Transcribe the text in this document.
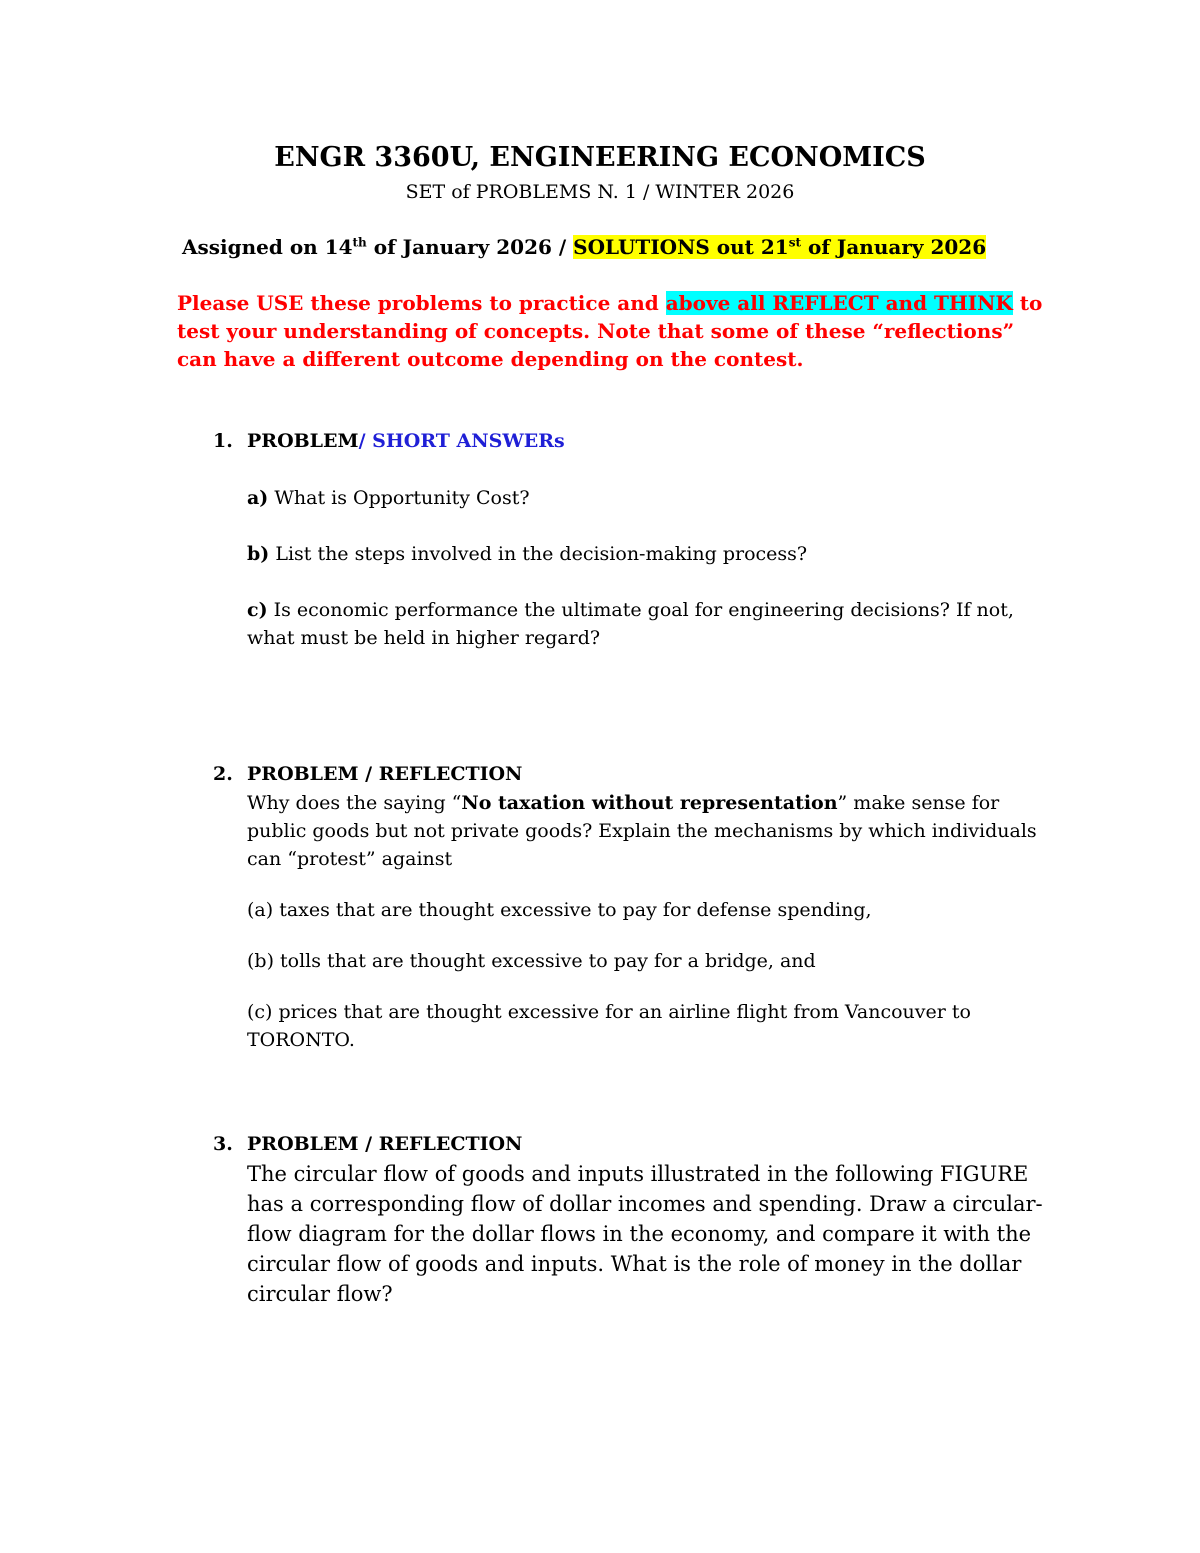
ENGR 3360U, ENGINEERING ECONOMICS

SET of PROBLEMS N. 1 / WINTER 2026

Assigned on 14th of January 2026 / SOLUTIONS out 21st of January 2026

Please USE these problems to practice and above all REFLECT and THINK to test your understanding of concepts. Note that some of these “reflections” can have a different outcome depending on the contest.

1. PROBLEM/ SHORT ANSWERs

a) What is Opportunity Cost?

b) List the steps involved in the decision-making process?

c) Is economic performance the ultimate goal for engineering decisions? If not, what must be held in higher regard?

2. PROBLEM / REFLECTION

Why does the saying “No taxation without representation” make sense for public goods but not private goods? Explain the mechanisms by which individuals can “protest” against

(a) taxes that are thought excessive to pay for defense spending,

(b) tolls that are thought excessive to pay for a bridge, and

(c) prices that are thought excessive for an airline flight from Vancouver to TORONTO.

3. PROBLEM / REFLECTION

The circular flow of goods and inputs illustrated in the following FIGURE has a corresponding flow of dollar incomes and spending. Draw a circular-flow diagram for the dollar flows in the economy, and compare it with the circular flow of goods and inputs. What is the role of money in the dollar circular flow?
